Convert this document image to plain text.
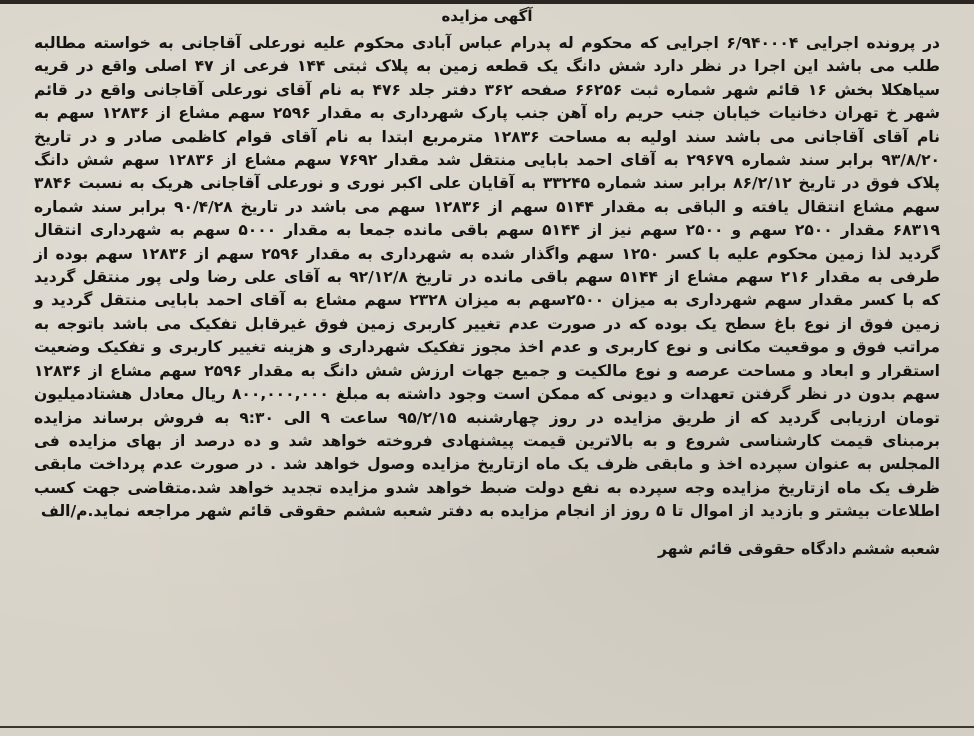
آگهی مزایده

در پرونده اجرایی ۶/۹۴۰۰۰۴ اجرایی که محکوم له پدرام عباس آبادی محکوم علیه نورعلی آقاجانی به خواسته مطالبه طلب می باشد این اجرا در نظر دارد شش دانگ یک قطعه زمین به پلاک ثبتی ۱۴۴ فرعی از ۴۷ اصلی واقع در قریه سیاهکلا بخش ۱۶ قائم شهر شماره ثبت ۶۶۲۵۶ صفحه ۳۶۲ دفتر جلد ۴۷۶ به نام آقای نورعلی آقاجانی واقع در قائم شهر خ تهران دخانیات خیابان جنب حریم راه آهن جنب پارک شهرداری به مقدار ۲۵۹۶ سهم مشاع از ۱۲۸۳۶ سهم به نام آقای آقاجانی می باشد سند اولیه به مساحت ۱۲۸۳۶ مترمربع ابتدا به نام آقای قوام کاظمی صادر و در تاریخ ۹۳/۸/۲۰ برابر سند شماره ۲۹۶۷۹ به آقای احمد بابایی منتقل شد مقدار ۷۶۹۲ سهم مشاع از ۱۲۸۳۶ سهم شش دانگ پلاک فوق در تاریخ ۸۶/۲/۱۲ برابر سند شماره ۳۳۲۴۵ به آقایان علی اکبر نوری و نورعلی آقاجانی هریک به نسبت ۳۸۴۶ سهم مشاع انتقال یافته و الباقی به مقدار ۵۱۴۴ سهم از ۱۲۸۳۶ سهم می باشد در تاریخ ۹۰/۴/۲۸ برابر سند شماره ۶۸۳۱۹ مقدار ۲۵۰۰ سهم و ۲۵۰۰ سهم نیز از ۵۱۴۴ سهم باقی مانده جمعا به مقدار ۵۰۰۰ سهم به شهرداری انتقال گردید لذا زمین محکوم علیه با کسر ۱۲۵۰ سهم واگذار شده به شهرداری به مقدار ۲۵۹۶ سهم از ۱۲۸۳۶ سهم بوده از طرفی به مقدار ۲۱۶ سهم مشاع از ۵۱۴۴ سهم باقی مانده در تاریخ ۹۲/۱۲/۸ به آقای علی رضا ولی پور منتقل گردید که با کسر مقدار سهم شهرداری به میزان ۲۵۰۰سهم به میزان ۲۳۲۸ سهم مشاع به آقای احمد بابایی منتقل گردید و زمین فوق از نوع باغ سطح یک بوده که در صورت عدم تغییر کاربری زمین فوق غیرقابل تفکیک می باشد باتوجه به مراتب فوق و موقعیت مکانی و نوع کاربری و عدم اخذ مجوز تفکیک شهرداری و هزینه تغییر کاربری و تفکیک وضعیت استقرار و ابعاد و مساحت عرصه و نوع مالکیت و جمیع جهات ارزش شش دانگ به مقدار ۲۵۹۶ سهم مشاع از ۱۲۸۳۶ سهم بدون در نظر گرفتن تعهدات و دیونی که ممکن است وجود داشته به مبلغ ۸۰۰,۰۰۰,۰۰۰ ریال معادل هشتادمیلیون تومان ارزیابی گردید که از طریق مزایده در روز چهارشنبه ۹۵/۲/۱۵ ساعت ۹ الی ۹:۳۰ به فروش برساند مزایده برمبنای قیمت کارشناسی شروع و به بالاترین قیمت پیشنهادی فروخته خواهد شد و ده درصد از بهای مزایده فی المجلس به عنوان سپرده اخذ و مابقی ظرف یک ماه ازتاریخ مزایده وصول خواهد شد . در صورت عدم پرداخت مابقی ظرف یک ماه ازتاریخ مزایده وجه سپرده به نفع دولت ضبط خواهد شدو مزایده تجدید خواهد شد.متقاضی جهت کسب اطلاعات بیشتر و بازدید از اموال تا ۵ روز از انجام مزایده به دفتر شعبه ششم حقوقی قائم شهر مراجعه نماید.م/الف

شعبه ششم دادگاه حقوقی قائم شهر
